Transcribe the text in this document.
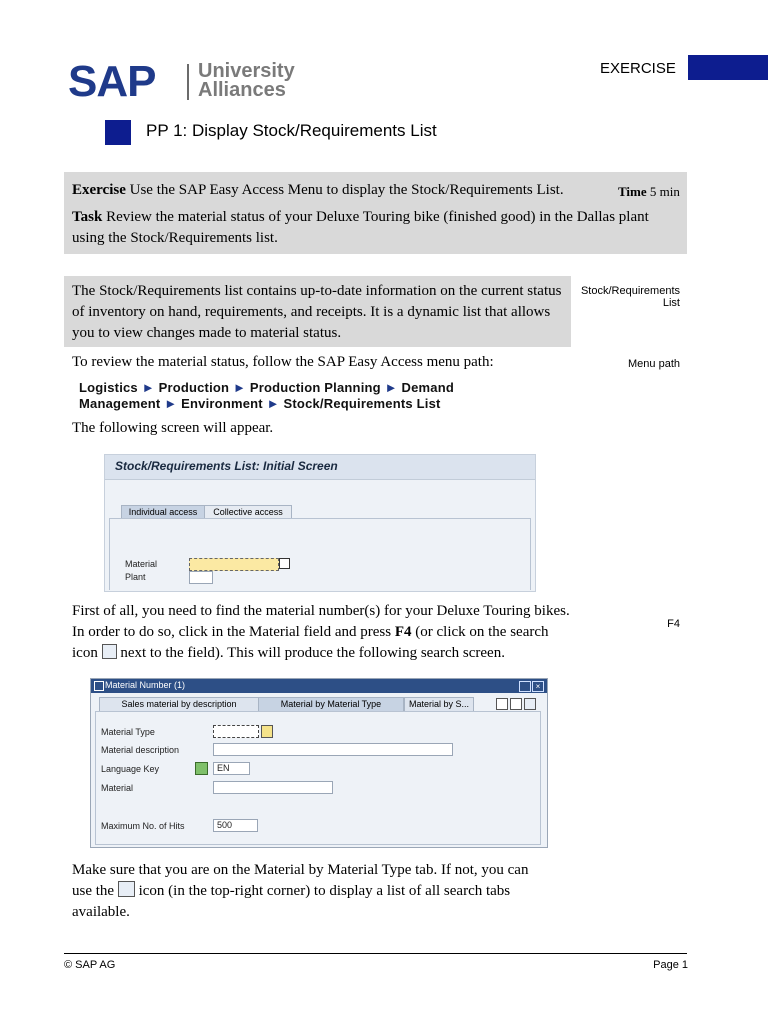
SAP University
Alliances
EXERCISE
PP 1: Display Stock/Requirements List
Exercise Use the SAP Easy Access Menu to display the Stock/Requirements List.	Time 5 min
Task Review the material status of your Deluxe Touring bike (finished good) in the Dallas plant using the Stock/Requirements list.
The Stock/Requirements list contains up-to-date information on the current status of inventory on hand, requirements, and receipts. It is a dynamic list that allows you to view changes made to material status.
Stock/Requirements List
To review the material status, follow the SAP Easy Access menu path:	Menu path
Logistics ► Production ► Production Planning ► Demand Management ► Environment ► Stock/Requirements List
The following screen will appear.
Stock/Requirements List: Initial Screen
Individual access	Collective access
Material
Plant
First of all, you need to find the material number(s) for your Deluxe Touring bikes. In order to do so, click in the Material field and press F4 (or click on the search icon  next to the field). This will produce the following search screen.
F4
Material Number (1)	×
Sales material by description	Material by Material Type	Material by S...
Material Type
Material description
Language Key	EN
Material
Maximum No. of Hits	500
Make sure that you are on the Material by Material Type tab. If not, you can use the  icon (in the top-right corner) to display a list of all search tabs available.
© SAP AG	Page 1
